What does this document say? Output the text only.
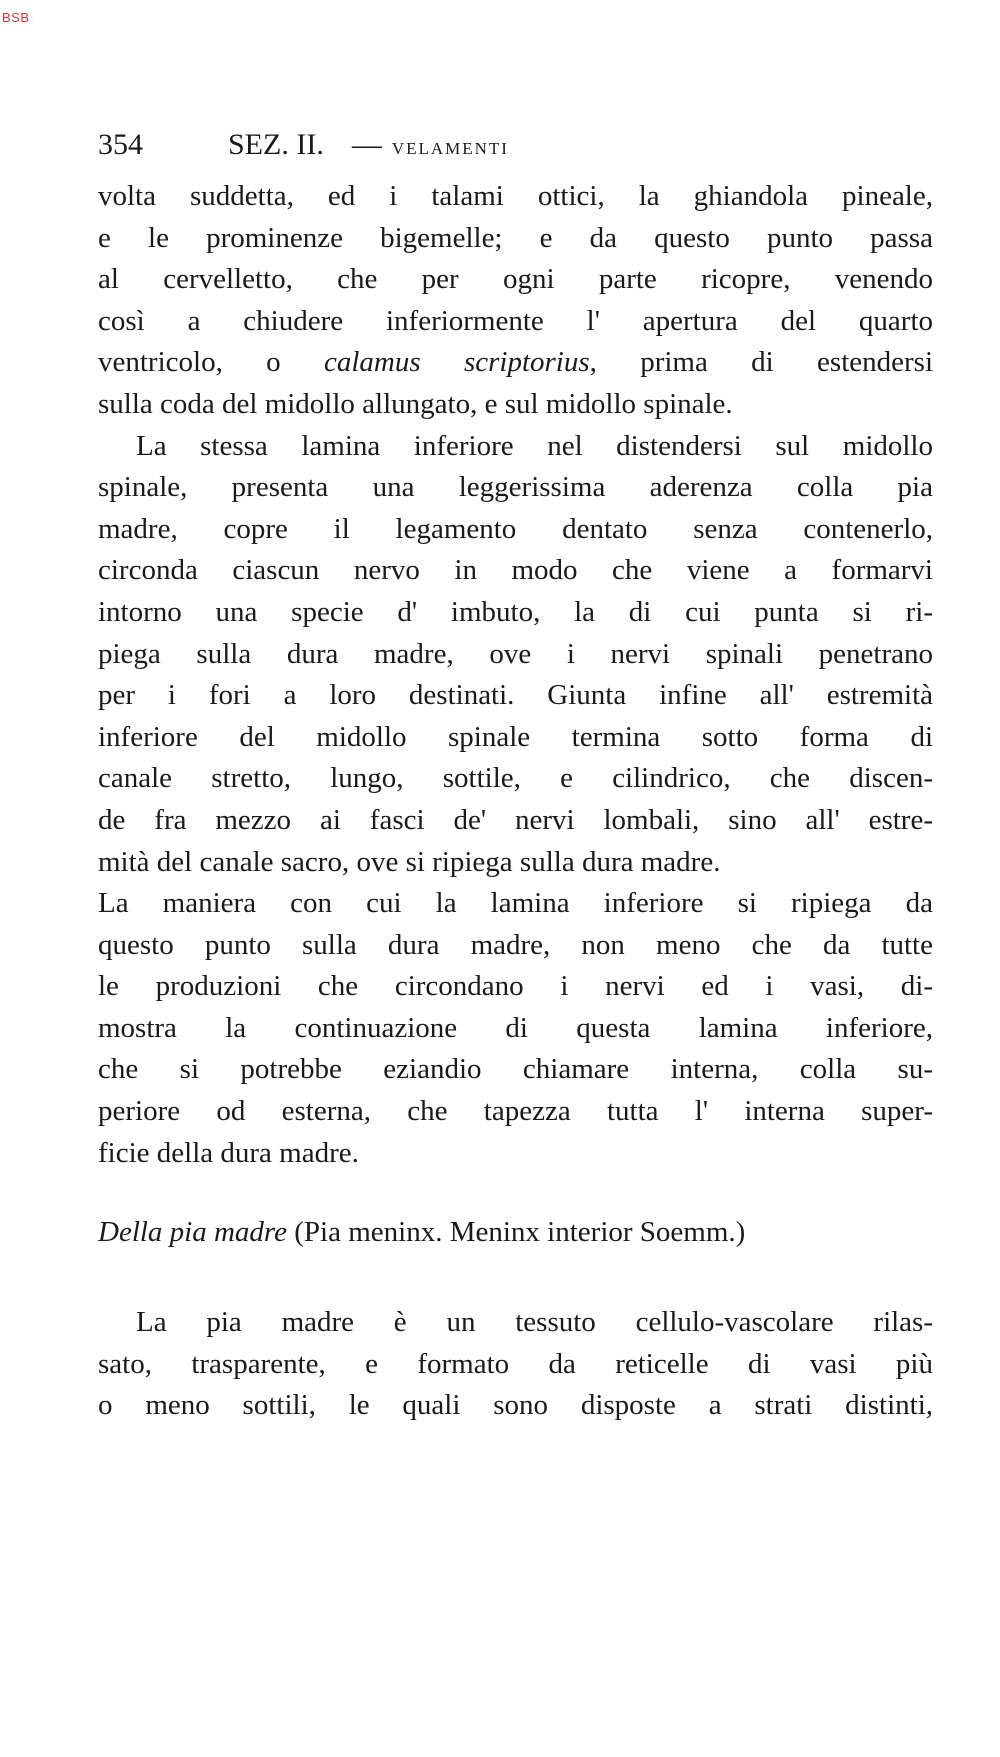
BSB
354	SEZ. II. — VELAMENTI
volta suddetta, ed i talami ottici, la ghiandola pineale,
e le prominenze bigemelle; e da questo punto passa
al cervelletto, che per ogni parte ricopre, venendo
così a chiudere inferiormente l' apertura del quarto
ventricolo, o calamus scriptorius, prima di estendersi
sulla coda del midollo allungato, e sul midollo spinale.
La stessa lamina inferiore nel distendersi sul midollo
spinale, presenta una leggerissima aderenza colla pia
madre, copre il legamento dentato senza contenerlo,
circonda ciascun nervo in modo che viene a formarvi
intorno una specie d' imbuto, la di cui punta si ri-
piega sulla dura madre, ove i nervi spinali penetrano
per i fori a loro destinati. Giunta infine all' estremità
inferiore del midollo spinale termina sotto forma di
canale stretto, lungo, sottile, e cilindrico, che discen-
de fra mezzo ai fasci de' nervi lombali, sino all' estre-
mità del canale sacro, ove si ripiega sulla dura madre.
La maniera con cui la lamina inferiore si ripiega da
questo punto sulla dura madre, non meno che da tutte
le produzioni che circondano i nervi ed i vasi, di-
mostra la continuazione di questa lamina inferiore,
che si potrebbe eziandio chiamare interna, colla su-
periore od esterna, che tapezza tutta l' interna super-
ficie della dura madre.
Della pia madre (Pia meninx. Meninx interior Soemm.)
La pia madre è un tessuto cellulo-vascolare rilas-
sato, trasparente, e formato da reticelle di vasi più
o meno sottili, le quali sono disposte a strati distinti,
